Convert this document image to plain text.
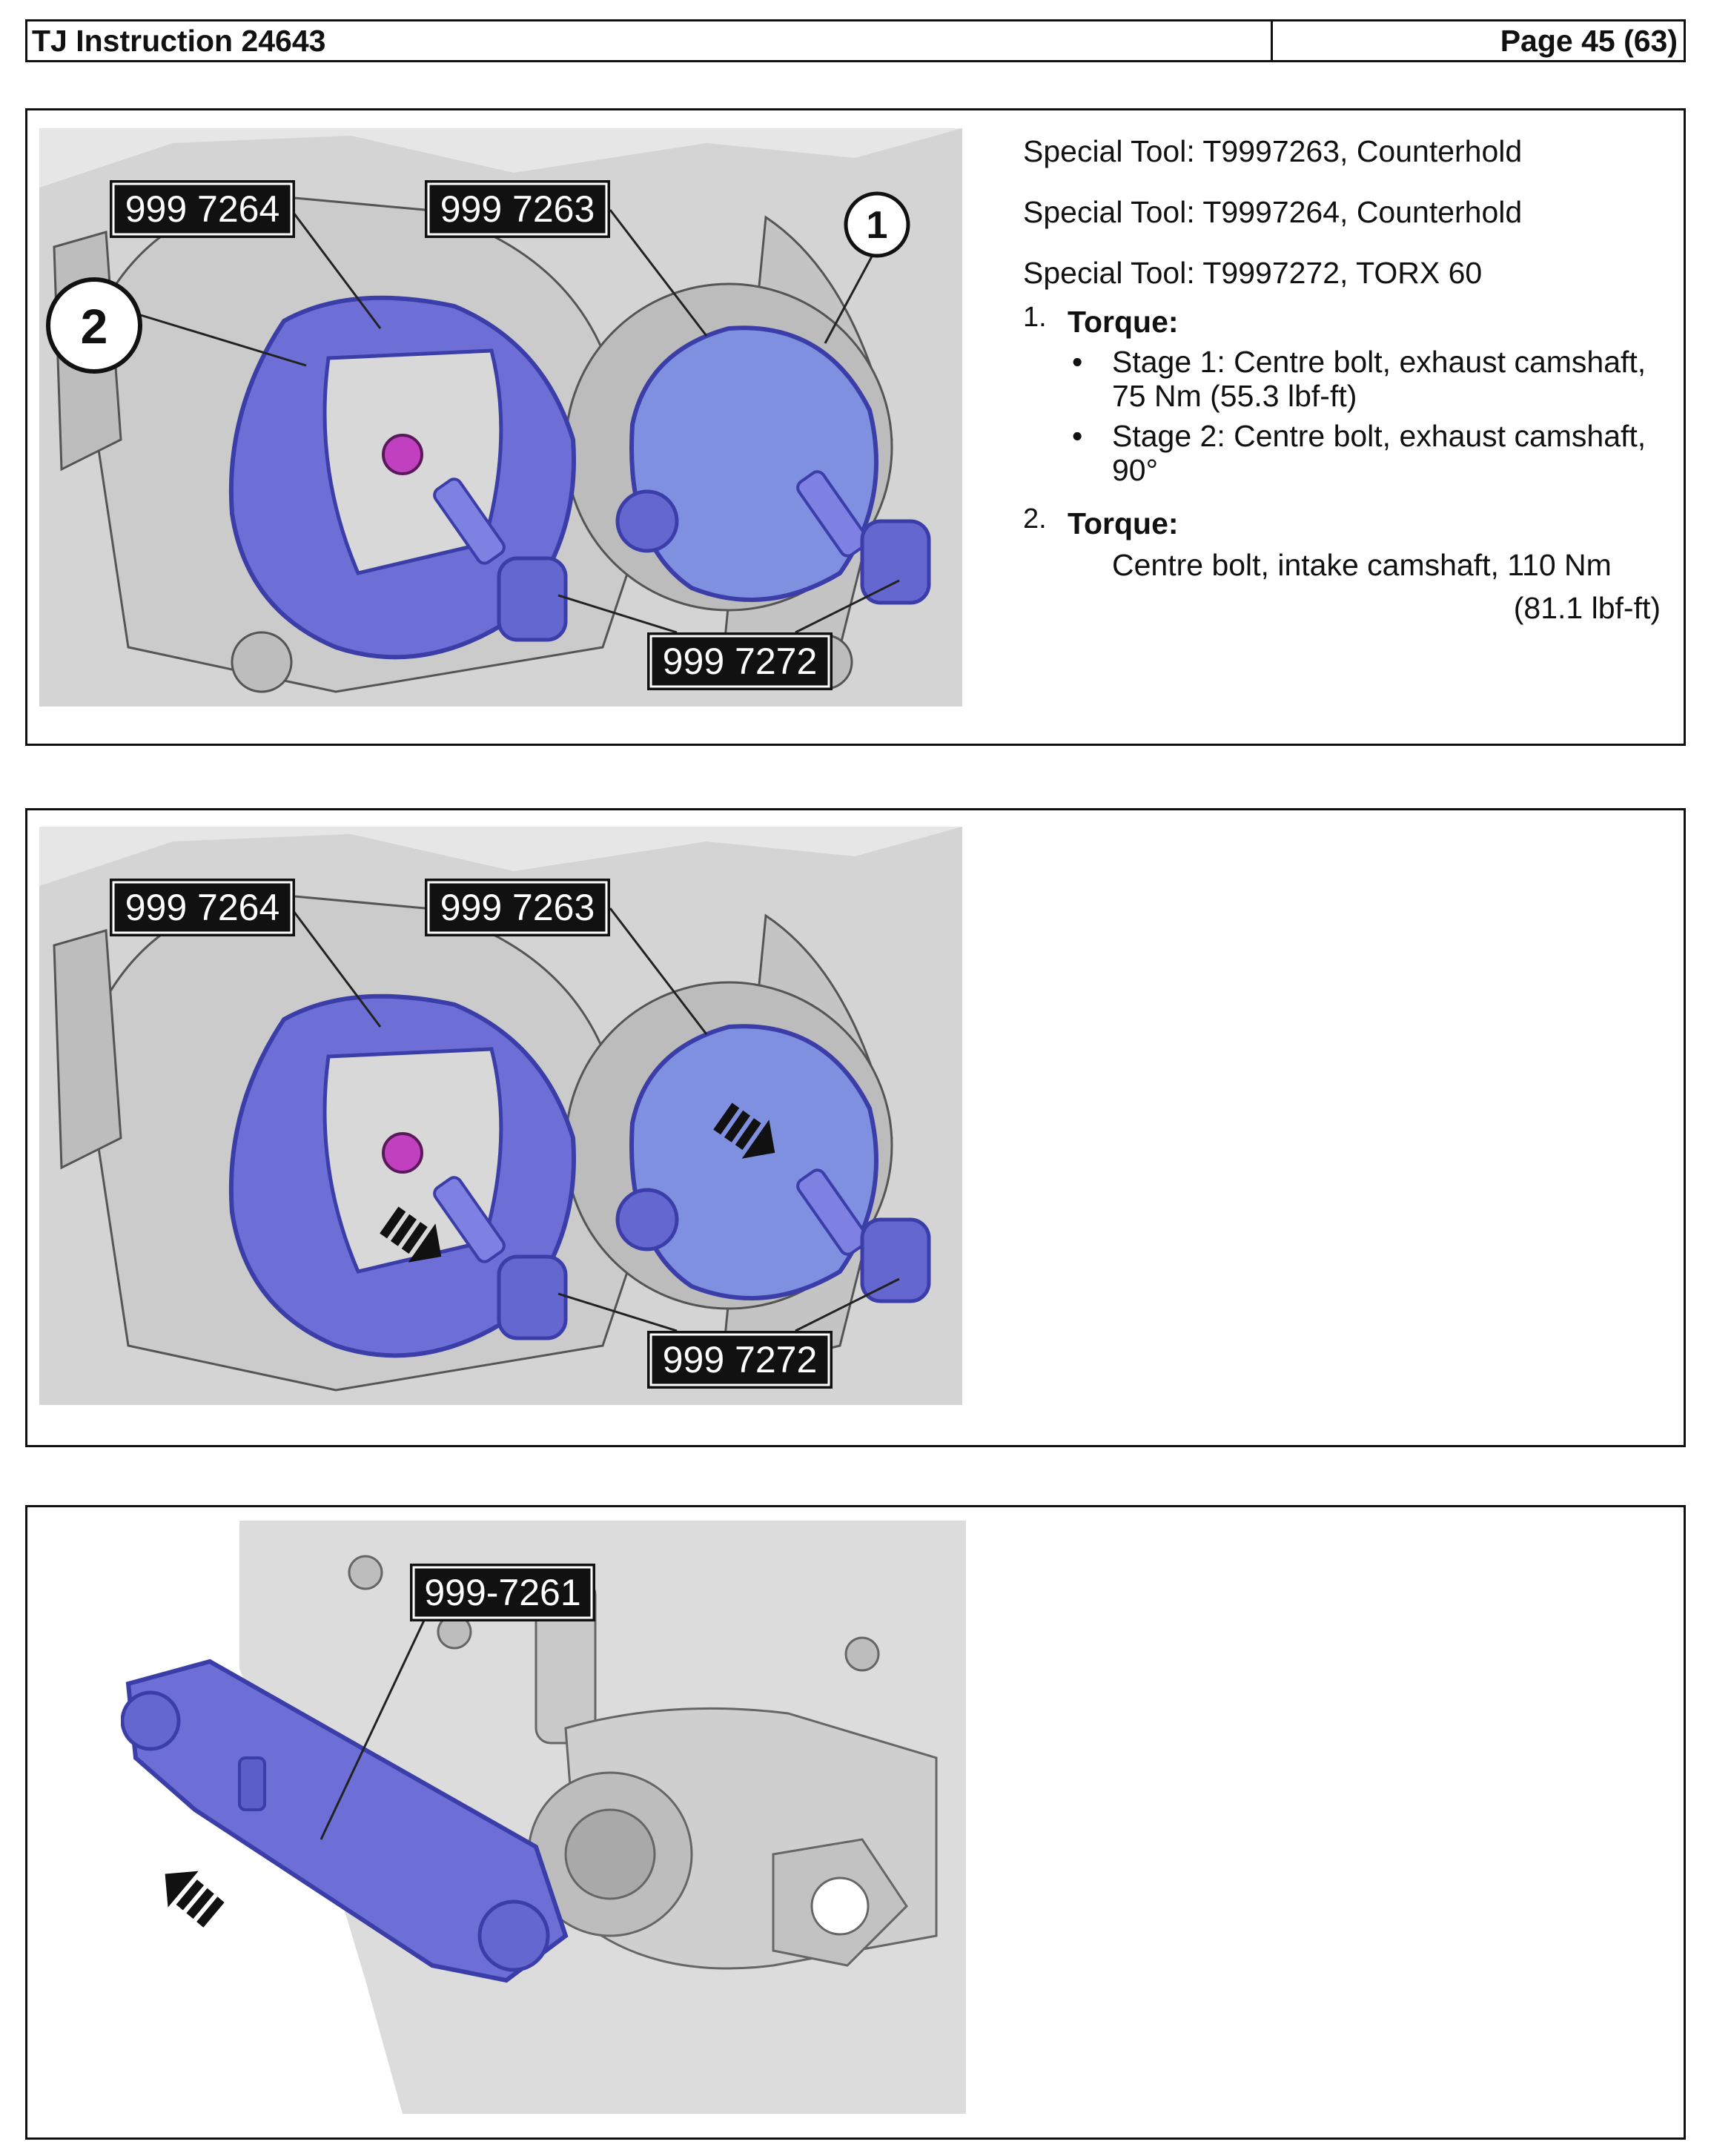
TJ Instruction 24643	Page 45 (63)
999 7264	999 7263
999 7272
1
2
Special Tool: T9997263, Counterhold
Special Tool: T9997264, Counterhold
Special Tool: T9997272, TORX 60
1. Torque:
• Stage 1: Centre bolt, exhaust camshaft, 75 Nm (55.3 lbf-ft)
• Stage 2: Centre bolt, exhaust camshaft, 90°
2. Torque:
Centre bolt, intake camshaft, 110 Nm
(81.1 lbf-ft)
999 7264	999 7263
999 7272
999-7261
